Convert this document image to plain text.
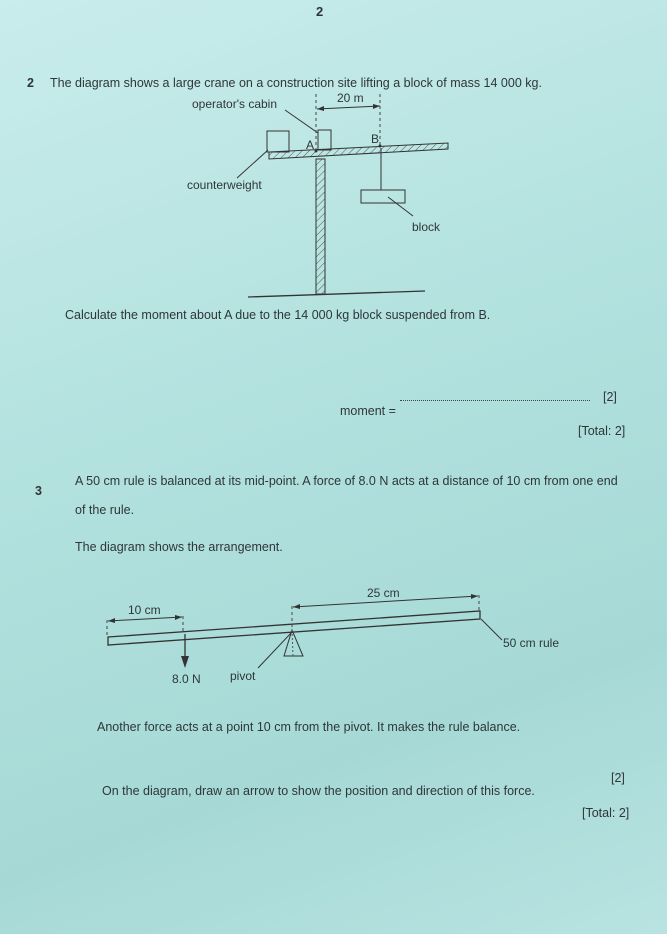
2
2 The diagram shows a large crane on a construction site lifting a block of mass 14 000 kg.
operator's cabin	20 m
A	B
counterweight
block
10 cm
25 cm
50 cm rule
8.0 N pivot
Calculate the moment about A due to the 14 000 kg block suspended from B.
moment =
[2]
[Total: 2]
3
A 50 cm rule is balanced at its mid-point. A force of 8.0 N acts at a distance of 10 cm from one end
of the rule.
The diagram shows the arrangement.
Another force acts at a point 10 cm from the pivot. It makes the rule balance.
On the diagram, draw an arrow to show the position and direction of this force.
[2]
[Total: 2]
